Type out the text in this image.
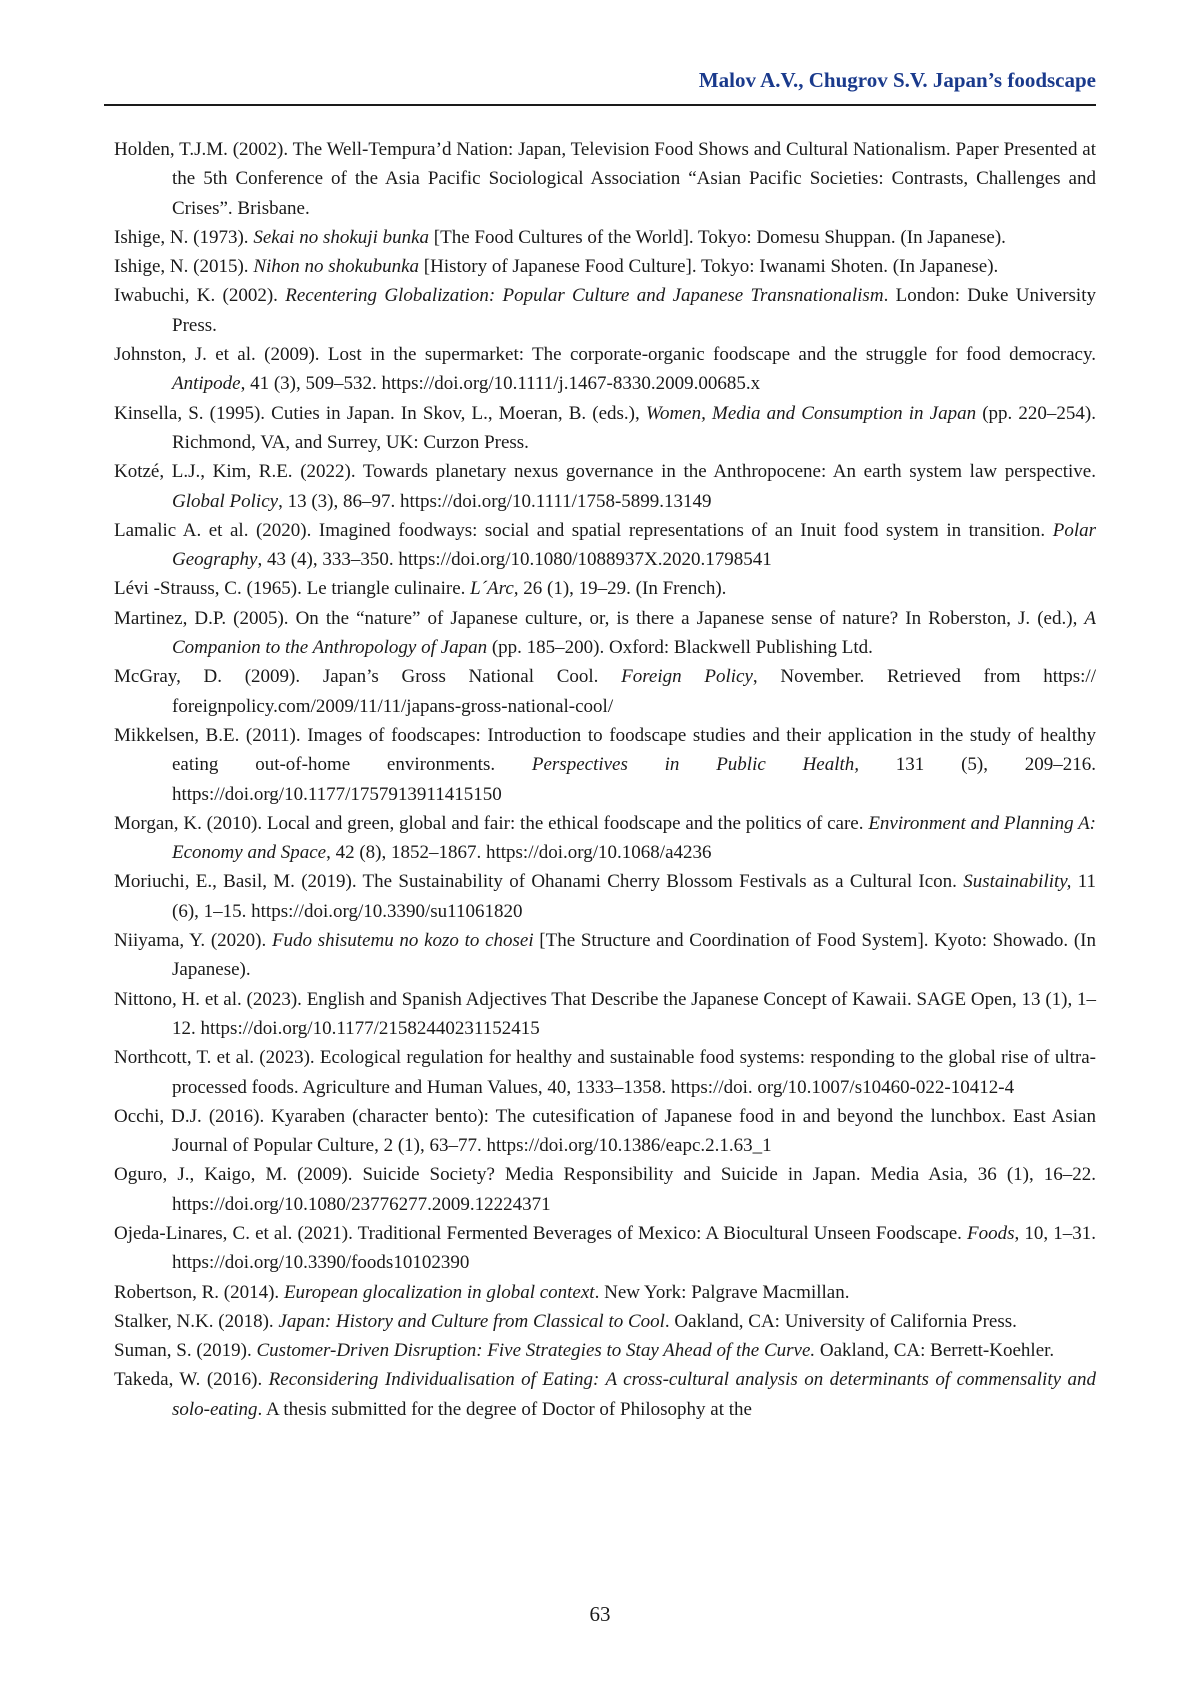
Malov A.V., Chugrov S.V. Japan’s foodscape
Holden, T.J.M. (2002). The Well-Tempura’d Nation: Japan, Television Food Shows and Cultural Nationalism. Paper Presented at the 5th Conference of the Asia Pacific Sociological Association “Asian Pacific Societies: Contrasts, Challenges and Crises”. Brisbane.
Ishige, N. (1973). Sekai no shokuji bunka [The Food Cultures of the World]. Tokyo: Domesu Shuppan. (In Japanese).
Ishige, N. (2015). Nihon no shokubunka [History of Japanese Food Culture]. Tokyo: Iwanami Shoten. (In Japanese).
Iwabuchi, K. (2002). Recentering Globalization: Popular Culture and Japanese Transnationalism. London: Duke University Press.
Johnston, J. et al. (2009). Lost in the supermarket: The corporate-organic foodscape and the struggle for food democracy. Antipode, 41 (3), 509–532. https://doi.org/10.1111/j.1467-8330.2009.00685.x
Kinsella, S. (1995). Cuties in Japan. In Skov, L., Moeran, B. (eds.), Women, Media and Consumption in Japan (pp. 220–254). Richmond, VA, and Surrey, UK: Curzon Press.
Kotzé, L.J., Kim, R.E. (2022). Towards planetary nexus governance in the Anthropocene: An earth system law perspective. Global Policy, 13 (3), 86–97. https://doi.org/10.1111/1758-5899.13149
Lamalic A. et al. (2020). Imagined foodways: social and spatial representations of an Inuit food system in transition. Polar Geography, 43 (4), 333–350. https://doi.org/10.1080/1088937X.2020.1798541
Lévi -Strauss, C. (1965). Le triangle culinaire. L´Arc, 26 (1), 19–29. (In French).
Martinez, D.P. (2005). On the “nature” of Japanese culture, or, is there a Japanese sense of nature? In Roberston, J. (ed.), A Companion to the Anthropology of Japan (pp. 185–200). Oxford: Blackwell Publishing Ltd.
McGray, D. (2009). Japan’s Gross National Cool. Foreign Policy, November. Retrieved from https:// foreignpolicy.com/2009/11/11/japans-gross-national-cool/
Mikkelsen, B.E. (2011). Images of foodscapes: Introduction to foodscape studies and their application in the study of healthy eating out-of-home environments. Perspectives in Public Health, 131 (5), 209–216. https://doi.org/10.1177/1757913911415150
Morgan, K. (2010). Local and green, global and fair: the ethical foodscape and the politics of care. Environment and Planning A: Economy and Space, 42 (8), 1852–1867. https://doi.org/10.1068/a4236
Moriuchi, E., Basil, M. (2019). The Sustainability of Ohanami Cherry Blossom Festivals as a Cultural Icon. Sustainability, 11 (6), 1–15. https://doi.org/10.3390/su11061820
Niiyama, Y. (2020). Fudo shisutemu no kozo to chosei [The Structure and Coordination of Food System]. Kyoto: Showado. (In Japanese).
Nittono, H. et al. (2023). English and Spanish Adjectives That Describe the Japanese Concept of Kawaii. SAGE Open, 13 (1), 1–12. https://doi.org/10.1177/21582440231152415
Northcott, T. et al. (2023). Ecological regulation for healthy and sustainable food systems: responding to the global rise of ultra-processed foods. Agriculture and Human Values, 40, 1333–1358. https://doi. org/10.1007/s10460-022-10412-4
Occhi, D.J. (2016). Kyaraben (character bento): The cutesification of Japanese food in and beyond the lunchbox. East Asian Journal of Popular Culture, 2 (1), 63–77. https://doi.org/10.1386/eapc.2.1.63_1
Oguro, J., Kaigo, M. (2009). Suicide Society? Media Responsibility and Suicide in Japan. Media Asia, 36 (1), 16–22. https://doi.org/10.1080/23776277.2009.12224371
Ojeda-Linares, C. et al. (2021). Traditional Fermented Beverages of Mexico: A Biocultural Unseen Foodscape. Foods, 10, 1–31. https://doi.org/10.3390/foods10102390
Robertson, R. (2014). European glocalization in global context. New York: Palgrave Macmillan.
Stalker, N.K. (2018). Japan: History and Culture from Classical to Cool. Oakland, CA: University of California Press.
Suman, S. (2019). Customer-Driven Disruption: Five Strategies to Stay Ahead of the Curve. Oakland, CA: Berrett-Koehler.
Takeda, W. (2016). Reconsidering Individualisation of Eating: A cross-cultural analysis on determinants of commensality and solo-eating. A thesis submitted for the degree of Doctor of Philosophy at the
63
